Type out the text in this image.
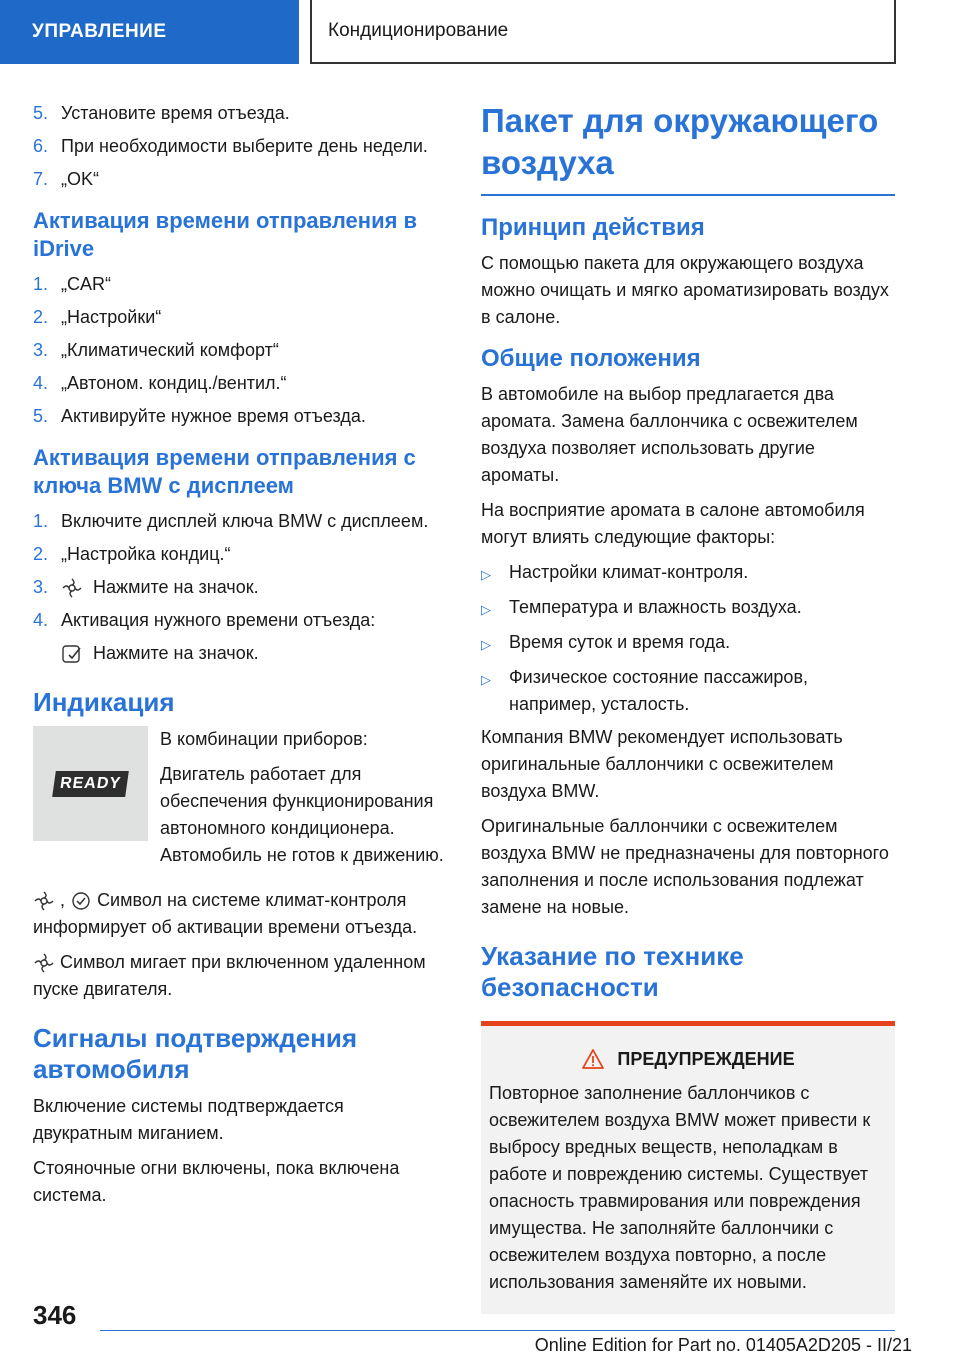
УПРАВЛЕНИЕ	Кондиционирование
5. Установите время отъезда.
6. При необходимости выберите день недели.
7. „OK“
Активация времени отправления в iDrive
1. „CAR“
2. „Настройки“
3. „Климатический комфорт“
4. „Автоном. кондиц./вентил.“
5. Активируйте нужное время отъезда.
Активация времени отправления с ключа BMW с дисплеем
1. Включите дисплей ключа BMW с дисплеем.
2. „Настройка кондиц.“
3.	Нажмите на значок.
4. Активация нужного времени отъезда:
Нажмите на значок.
Индикация
READY

В комбинации приборов:

Двигатель работает для обеспечения функционирования автономного кондиционера. Автомобиль не готов к движению.

, Символ на системе климат-контроля информирует об активации времени отъезда.

Символ мигает при включенном удаленном пуске двигателя.

Сигналы подтверждения автомобиля

Включение системы подтверждается двукратным миганием.

Стояночные огни включены, пока включена система.

Пакет для окружающего воздуха
Принцип действия

С помощью пакета для окружающего воздуха можно очищать и мягко ароматизировать воздух в салоне.

Общие положения

В автомобиле на выбор предлагается два аромата. Замена баллончика с освежителем воздуха позволяет использовать другие ароматы.

На восприятие аромата в салоне автомобиля могут влиять следующие факторы:

▷	Настройки климат-контроля.
▷	Температура и влажность воздуха.
▷	Время суток и время года.
▷	Физическое состояние пассажиров, например, усталость.

Компания BMW рекомендует использовать оригинальные баллончики с освежителем воздуха BMW.

Оригинальные баллончики с освежителем воздуха BMW не предназначены для повторного заполнения и после использования подлежат замене на новые.

Указание по технике безопасности
ПРЕДУПРЕЖДЕНИЕ

Повторное заполнение баллончиков с освежителем воздуха BMW может привести к выбросу вредных веществ, неполадкам в работе и повреждению системы. Существует опасность травмирования или повреждения имущества. Не заполняйте баллончики с освежителем воздуха повторно, а после использования заменяйте их новыми.

346
Online Edition for Part no. 01405A2D205 - II/21
